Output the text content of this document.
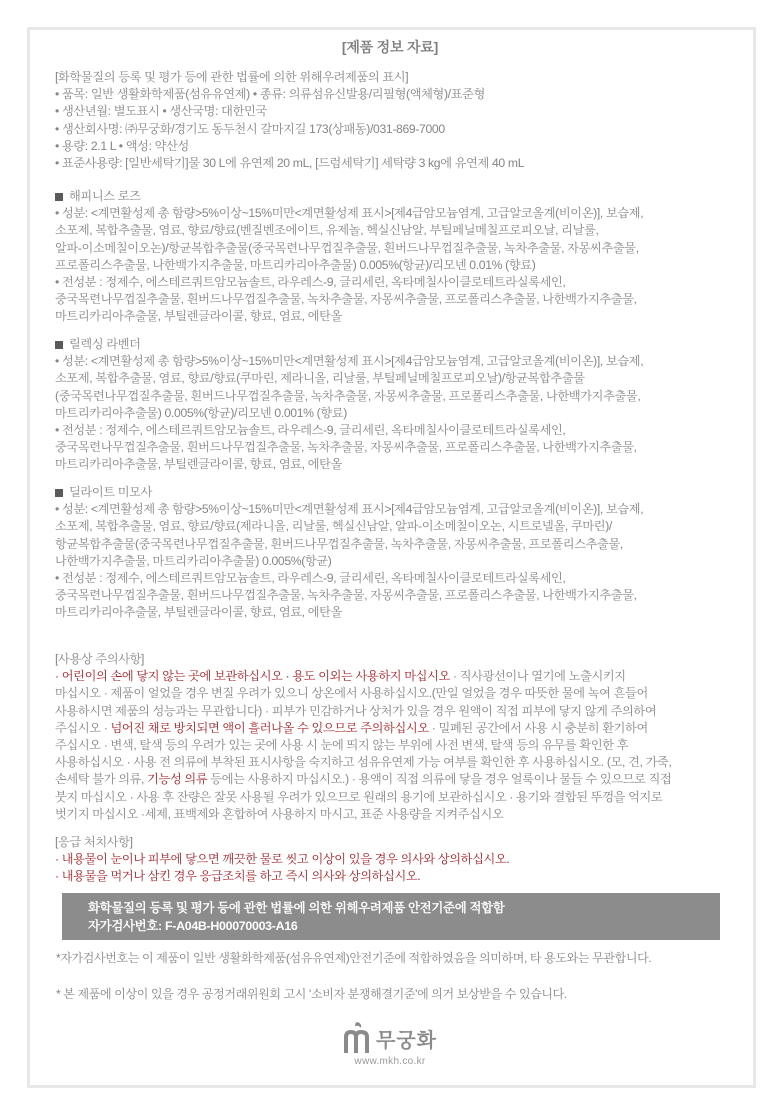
[제품 정보 자료]
[화학물질의 등록 및 평가 등에 관한 법률에 의한 위해우려제품의 표시]
• 품목: 일반 생활화학제품(섬유유연제) • 종류: 의류섬유신발용/리필형(액체형)/표준형
• 생산년월: 별도표시 • 생산국명: 대한민국
• 생산회사명: ㈜무궁화/경기도 동두천시 갈마지길 173(상패동)/031-869-7000
• 용량: 2.1 L • 액성: 약산성
• 표준사용량: [일반세탁기]물 30 L에 유연제 20 mL, [드럼세탁기] 세탁량 3 kg에 유연제 40 mL
해피니스 로즈
• 성분: <계면활성제 총 함량>5%이상~15%미만<계면활성제 표시>[제4급암모늄염계, 고급알코올계(비이온)], 보습제,
소포제, 복합추출물, 염료, 향료/향료(벤질벤조에이트, 유제놀, 헥실신남알, 부틸페닐메칠프로피오날, 리날룰,
알파-이소메칠이오논)/항균복합추출물(중국목련나무껍질추출물, 흰버드나무껍질추출물, 녹차추출물, 자몽씨추출물,
프로폴리스추출물, 나한백가지추출물, 마트리카리아추출물) 0.005%(항균)/리모넨 0.01% (향료)
• 전성분 : 정제수, 에스테르쿼트암모늄솔트, 라우레스-9, 글리세린, 옥타메칠사이클로테트라실록세인,
중국목련나무껍질추출물, 흰버드나무껍질추출물, 녹차추출물, 자몽씨추출물, 프로폴리스추출물, 나한백가지추출물,
마트리카리아추출물, 부틸렌글라이콜, 향료, 염료, 에탄올
릴렉싱 라벤더
• 성분: <계면활성제 총 함량>5%이상~15%미만<계면활성제 표시>[제4급암모늄염계, 고급알코올계(비이온)], 보습제,
소포제, 복합추출물, 염료, 향료/향료(쿠마린, 제라니올, 리날룰, 부틸페닐메칠프로피오날)/항균복합추출물
(중국목련나무껍질추출물, 흰버드나무껍질추출물, 녹차추출물, 자몽씨추출물, 프로폴리스추출물, 나한백가지추출물,
마트리카리아추출물) 0.005%(항균)/리모넨 0.001% (향료)
• 전성분 : 정제수, 에스테르쿼트암모늄솔트, 라우레스-9, 글리세린, 옥타메칠사이클로테트라실록세인,
중국목련나무껍질추출물, 흰버드나무껍질추출물, 녹차추출물, 자몽씨추출물, 프로폴리스추출물, 나한백가지추출물,
마트리카리아추출물, 부틸렌글라이콜, 향료, 염료, 에탄올
딜라이트 미모사
• 성분: <계면활성제 총 함량>5%이상~15%미만<계면활성제 표시>[제4급암모늄염계, 고급알코올계(비이온)], 보습제,
소포제, 복합추출물, 염료, 향료/향료(제라니올, 리날룰, 헥실신남알, 알파-이소메칠이오논, 시트로넬올, 쿠마린)/
항균복합추출물(중국목련나무껍질추출물, 흰버드나무껍질추출물, 녹차추출물, 자몽씨추출물, 프로폴리스추출물,
나한백가지추출물, 마트리카리아추출물) 0.005%(항균)
• 전성분 : 정제수, 에스테르쿼트암모늄솔트, 라우레스-9, 글리세린, 옥타메칠사이클로테트라실록세인,
중국목련나무껍질추출물, 흰버드나무껍질추출물, 녹차추출물, 자몽씨추출물, 프로폴리스추출물, 나한백가지추출물,
마트리카리아추출물, 부틸렌글라이콜, 향료, 염료, 에탄올
[사용상 주의사항]
· 어린이의 손에 닿지 않는 곳에 보관하십시오 · 용도 이외는 사용하지 마십시오 · 직사광선이나 열기에 노출시키지
마십시오 · 제품이 얼었을 경우 변질 우려가 있으니 상온에서 사용하십시오.(만일 얼었을 경우 따뜻한 물에 녹여 흔들어
사용하시면 제품의 성능과는 무관합니다) · 피부가 민감하거나 상처가 있을 경우 원액이 직접 피부에 닿지 않게 주의하여
주십시오 · 넘어진 채로 방치되면 액이 흘러나올 수 있으므로 주의하십시오 · 밀폐된 공간에서 사용 시 충분히 환기하여
주십시오 · 변색, 탈색 등의 우려가 있는 곳에 사용 시 눈에 띄지 않는 부위에 사전 변색, 탈색 등의 유무를 확인한 후
사용하십시오 · 사용 전 의류에 부착된 표시사항을 숙지하고 섬유유연제 가능 여부를 확인한 후 사용하십시오. (모, 견, 가죽,
손세탁 불가 의류, 기능성 의류 등에는 사용하지 마십시오.) · 용액이 직접 의류에 닿을 경우 얼룩이나 물들 수 있으므로 직접
붓지 마십시오 · 사용 후 잔량은 잘못 사용될 우려가 있으므로 원래의 용기에 보관하십시오 · 용기와 결합된 뚜껑을 억지로
벗기지 마십시오 ·세제, 표백제와 혼합하여 사용하지 마시고, 표준 사용량을 지켜주십시오
[응급 처치사항]
· 내용물이 눈이나 피부에 닿으면 깨끗한 물로 씻고 이상이 있을 경우 의사와 상의하십시오.
· 내용물을 먹거나 삼킨 경우 응급조치를 하고 즉시 의사와 상의하십시오.
화학물질의 등록 및 평가 등에 관한 법률에 의한 위해우려제품 안전기준에 적합함
자가검사번호: F-A04B-H00070003-A16
*자가검사번호는 이 제품이 일반 생활화학제품(섬유유연제)안전기준에 적합하였음을 의미하며, 타 용도와는 무관합니다.
* 본 제품에 이상이 있을 경우 공정거래위원회 고시 '소비자 분쟁해결기준'에 의거 보상받을 수 있습니다.
무궁화
www.mkh.co.kr
